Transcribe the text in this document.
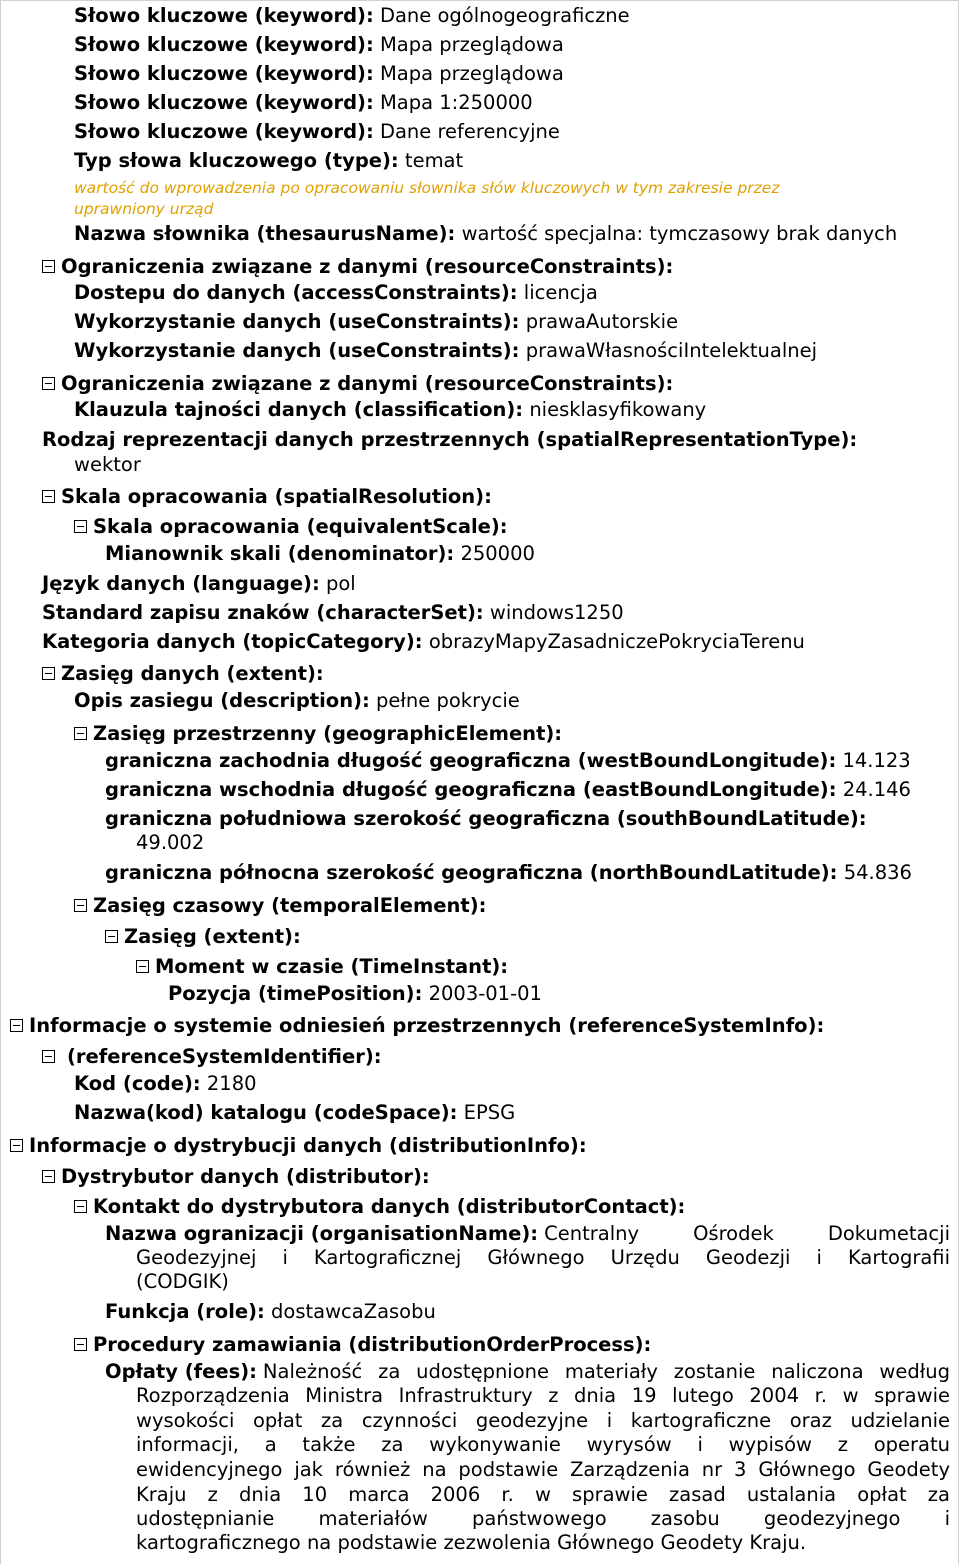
Słowo kluczowe (keyword): Dane ogólnogeograficzne
Słowo kluczowe (keyword): Mapa przeglądowa
Słowo kluczowe (keyword): Mapa przeglądowa
Słowo kluczowe (keyword): Mapa 1:250000
Słowo kluczowe (keyword): Dane referencyjne
Typ słowa kluczowego (type): temat
wartość do wprowadzenia po opracowaniu słownika słów kluczowych w tym zakresie przez
uprawniony urząd
Nazwa słownika (thesaurusName): wartość specjalna: tymczasowy brak danych
Ograniczenia związane z danymi (resourceConstraints):
Dostepu do danych (accessConstraints): licencja
Wykorzystanie danych (useConstraints): prawaAutorskie
Wykorzystanie danych (useConstraints): prawaWłasnościIntelektualnej
Ograniczenia związane z danymi (resourceConstraints):
Klauzula tajności danych (classification): niesklasyfikowany
Rodzaj reprezentacji danych przestrzennych (spatialRepresentationType):
wektor
Skala opracowania (spatialResolution):
Skala opracowania (equivalentScale):
Mianownik skali (denominator): 250000
Język danych (language): pol
Standard zapisu znaków (characterSet): windows1250
Kategoria danych (topicCategory): obrazyMapyZasadniczePokryciaTerenu
Zasięg danych (extent):
Opis zasiegu (description): pełne pokrycie
Zasięg przestrzenny (geographicElement):
graniczna zachodnia długość geograficzna (westBoundLongitude): 14.123
graniczna wschodnia długość geograficzna (eastBoundLongitude): 24.146
graniczna południowa szerokość geograficzna (southBoundLatitude):
49.002
graniczna północna szerokość geograficzna (northBoundLatitude): 54.836
Zasięg czasowy (temporalElement):
Zasięg (extent):
Moment w czasie (TimeInstant):
Pozycja (timePosition): 2003-01-01
Informacje o systemie odniesień przestrzennych (referenceSystemInfo):
(referenceSystemIdentifier):
Kod (code): 2180
Nazwa(kod) katalogu (codeSpace): EPSG
Informacje o dystrybucji danych (distributionInfo):
Dystrybutor danych (distributor):
Kontakt do dystrybutora danych (distributorContact):
Nazwa ogranizacji (organisationName): Centralny	Ośrodek	Dokumetacji
Geodezyjnej i Kartograficznej Głównego Urzędu Geodezji i Kartografii
(CODGIK)
Funkcja (role): dostawcaZasobu
Procedury zamawiania (distributionOrderProcess):
Opłaty (fees): Należność za udostępnione materiały zostanie naliczona według
Rozporządzenia Ministra Infrastruktury z dnia 19 lutego 2004 r. w sprawie
wysokości opłat za czynności geodezyjne i kartograficzne oraz udzielanie
informacji, a także za wykonywanie wyrysów i wypisów z operatu
ewidencyjnego jak również na podstawie Zarządzenia nr 3 Głównego Geodety
Kraju z dnia 10 marca 2006 r. w sprawie zasad ustalania opłat za
udostępnianie materiałów państwowego zasobu geodezyjnego i
kartograficznego na podstawie zezwolenia Głównego Geodety Kraju.
